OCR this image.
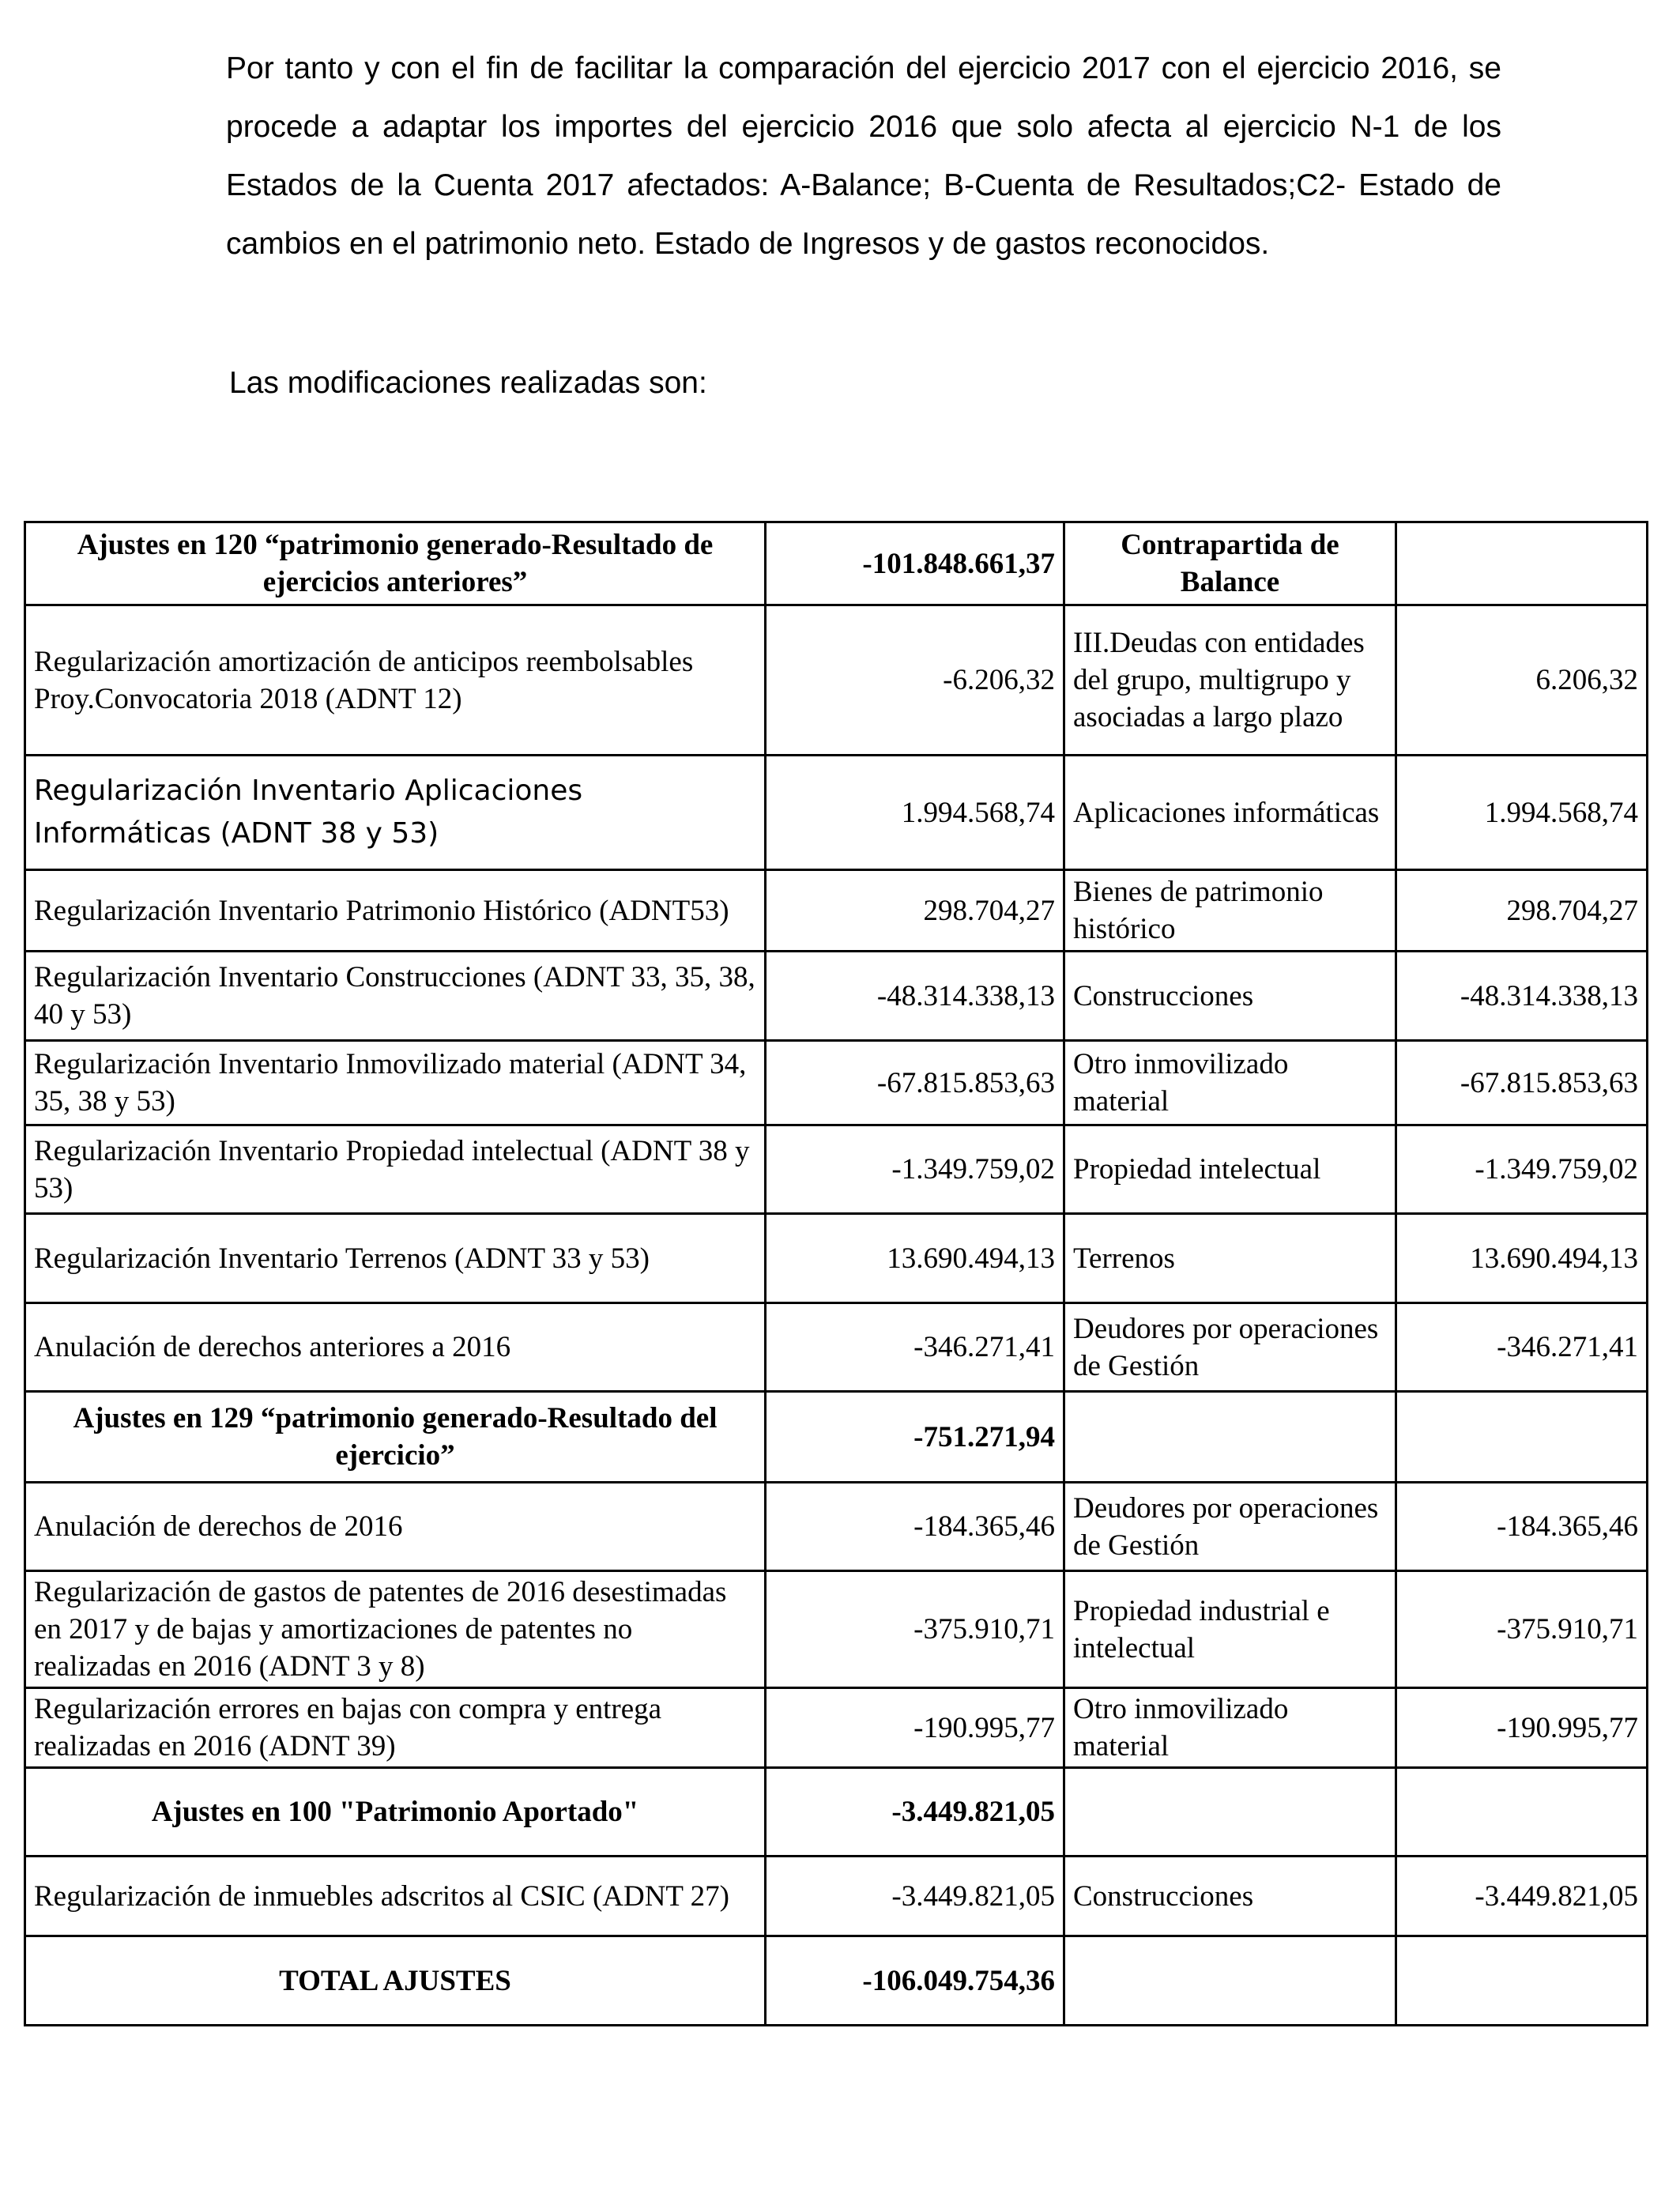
Por tanto y con el fin de facilitar la comparación del ejercicio 2017 con el ejercicio 2016, se procede a adaptar los importes del ejercicio 2016 que solo afecta al ejercicio N-1 de los Estados de la Cuenta 2017 afectados: A-Balance; B-Cuenta de Resultados;C2- Estado de cambios en el patrimonio neto. Estado de Ingresos y de gastos reconocidos.

Las modificaciones realizadas son:

Ajustes en 120 “patrimonio generado-Resultado de ejercicios anteriores”	-101.848.661,37	Contrapartida de Balance	
Regularización amortización de anticipos reembolsables Proy.Convocatoria 2018 (ADNT 12)	-6.206,32	III.Deudas con entidades del grupo, multigrupo y asociadas a largo plazo	6.206,32
Regularización Inventario Aplicaciones Informáticas (ADNT 38 y 53)	1.994.568,74	Aplicaciones informáticas	1.994.568,74
Regularización Inventario Patrimonio Histórico (ADNT53)	298.704,27	Bienes de patrimonio histórico	298.704,27
Regularización Inventario Construcciones (ADNT 33, 35, 38, 40 y 53)	-48.314.338,13	Construcciones	-48.314.338,13
Regularización Inventario Inmovilizado material (ADNT 34, 35, 38 y 53)	-67.815.853,63	Otro inmovilizado material	-67.815.853,63
Regularización Inventario Propiedad intelectual (ADNT 38 y 53)	-1.349.759,02	Propiedad intelectual	-1.349.759,02
Regularización Inventario Terrenos (ADNT 33 y 53)	13.690.494,13	Terrenos	13.690.494,13
Anulación de derechos anteriores a 2016	-346.271,41	Deudores por operaciones de Gestión	-346.271,41
Ajustes en 129 “patrimonio generado-Resultado del ejercicio”	-751.271,94		
Anulación de derechos de 2016	-184.365,46	Deudores por operaciones de Gestión	-184.365,46
Regularización de gastos de patentes de 2016 desestimadas en 2017 y de bajas y amortizaciones de patentes no realizadas en 2016 (ADNT 3 y 8)	-375.910,71	Propiedad industrial e intelectual	-375.910,71
Regularización errores en bajas con compra y entrega realizadas en 2016 (ADNT 39)	-190.995,77	Otro inmovilizado material	-190.995,77
Ajustes en 100 "Patrimonio Aportado"	-3.449.821,05		
Regularización de inmuebles adscritos al CSIC (ADNT 27)	-3.449.821,05	Construcciones	-3.449.821,05
TOTAL AJUSTES	-106.049.754,36		
